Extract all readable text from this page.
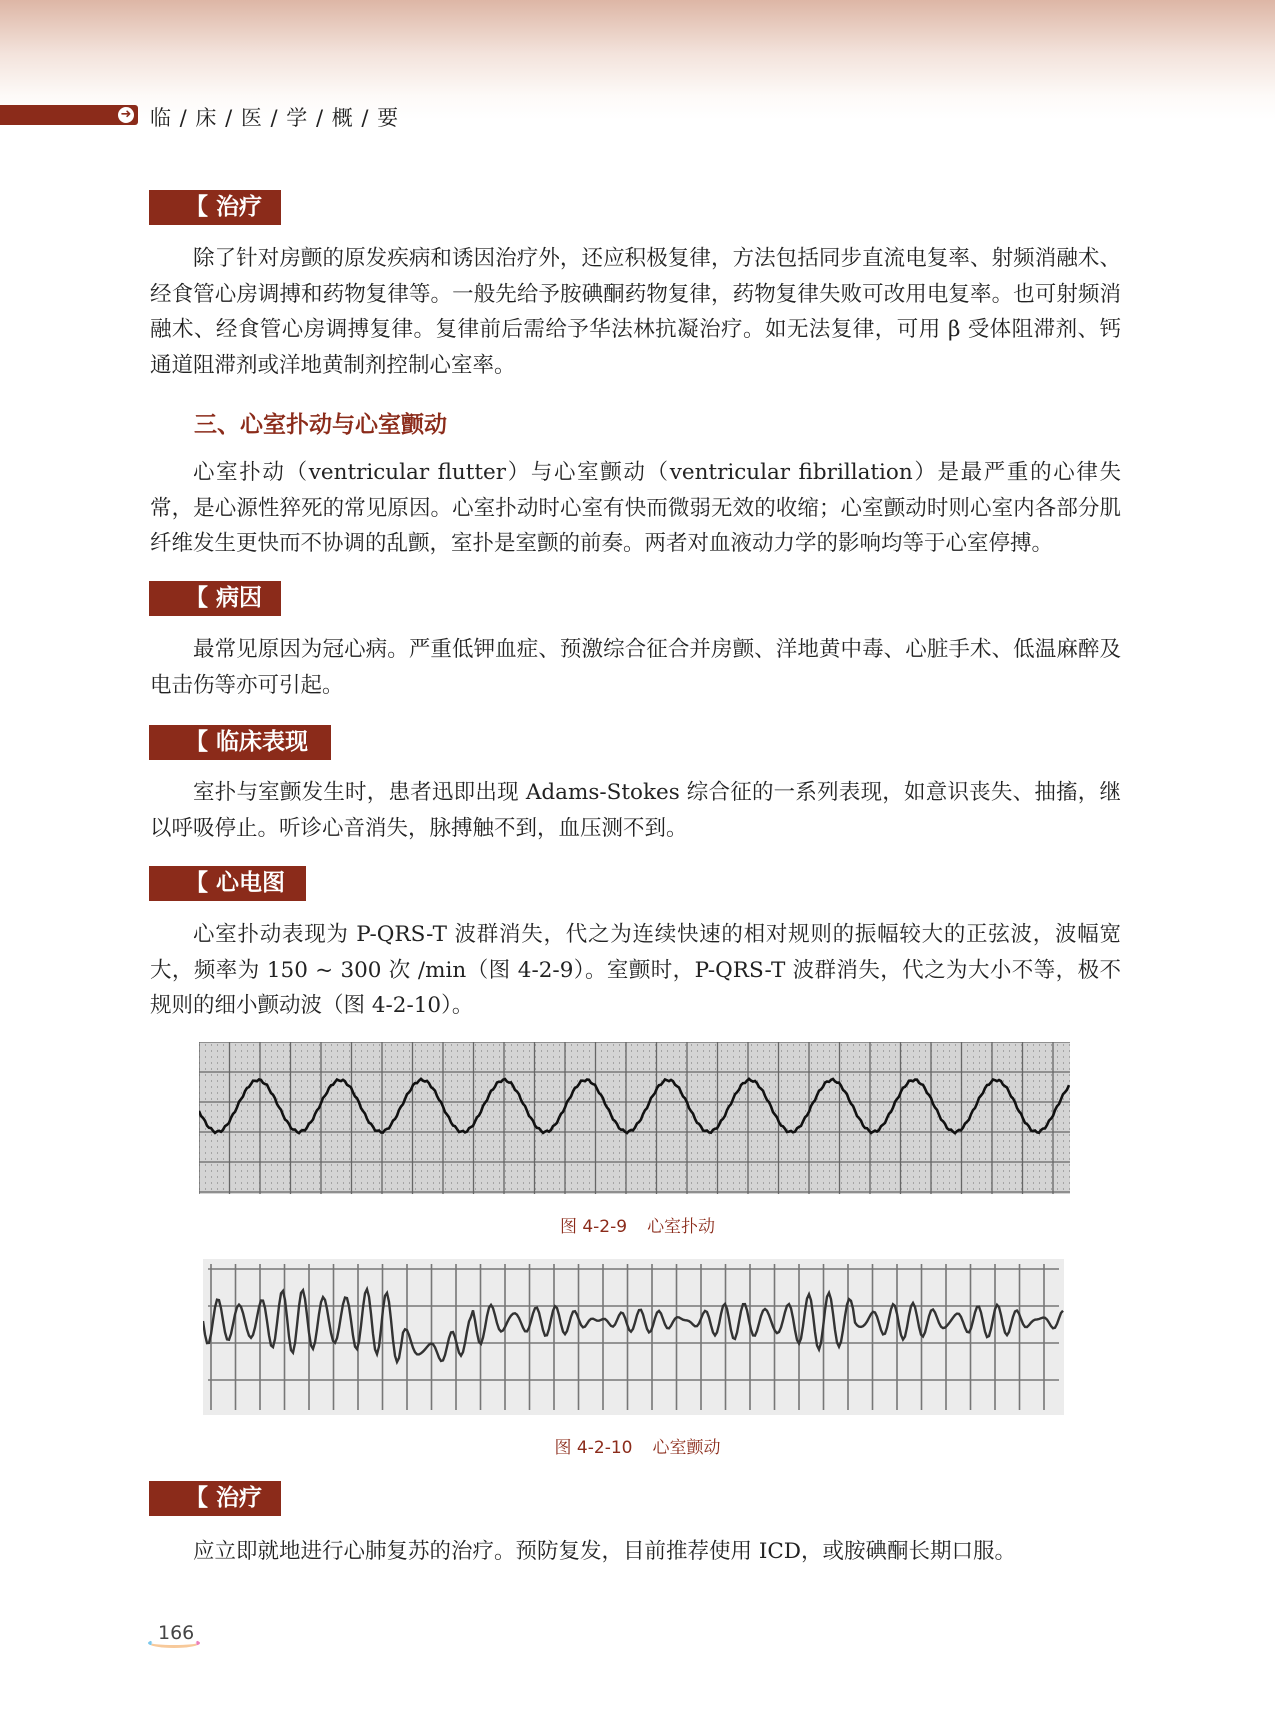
➜ 临 / 床 / 医 / 学 / 概 / 要
【 治疗 】
除了针对房颤的原发疾病和诱因治疗外，还应积极复律，方法包括同步直流电复率、射频消融术、经食管心房调搏和药物复律等。一般先给予胺碘酮药物复律，药物复律失败可改用电复率。也可射频消融术、经食管心房调搏复律。复律前后需给予华法林抗凝治疗。如无法复律，可用 β 受体阻滞剂、钙通道阻滞剂或洋地黄制剂控制心室率。
三、心室扑动与心室颤动
心室扑动（ventricular flutter）与心室颤动（ventricular fibrillation）是最严重的心律失常，是心源性猝死的常见原因。心室扑动时心室有快而微弱无效的收缩；心室颤动时则心室内各部分肌纤维发生更快而不协调的乱颤，室扑是室颤的前奏。两者对血液动力学的影响均等于心室停搏。
【 病因 】
最常见原因为冠心病。严重低钾血症、预激综合征合并房颤、洋地黄中毒、心脏手术、低温麻醉及电击伤等亦可引起。
【 临床表现 】
室扑与室颤发生时，患者迅即出现 Adams-Stokes 综合征的一系列表现，如意识丧失、抽搐，继以呼吸停止。听诊心音消失，脉搏触不到，血压测不到。
【 心电图 】
心室扑动表现为 P-QRS-T 波群消失，代之为连续快速的相对规则的振幅较大的正弦波，波幅宽大，频率为 150 ~ 300 次 /min（图 4-2-9）。室颤时，P-QRS-T 波群消失，代之为大小不等，极不规则的细小颤动波（图 4-2-10）。
图 4-2-9 心室扑动
图 4-2-10 心室颤动
【 治疗 】
应立即就地进行心肺复苏的治疗。预防复发，目前推荐使用 ICD，或胺碘酮长期口服。
166
